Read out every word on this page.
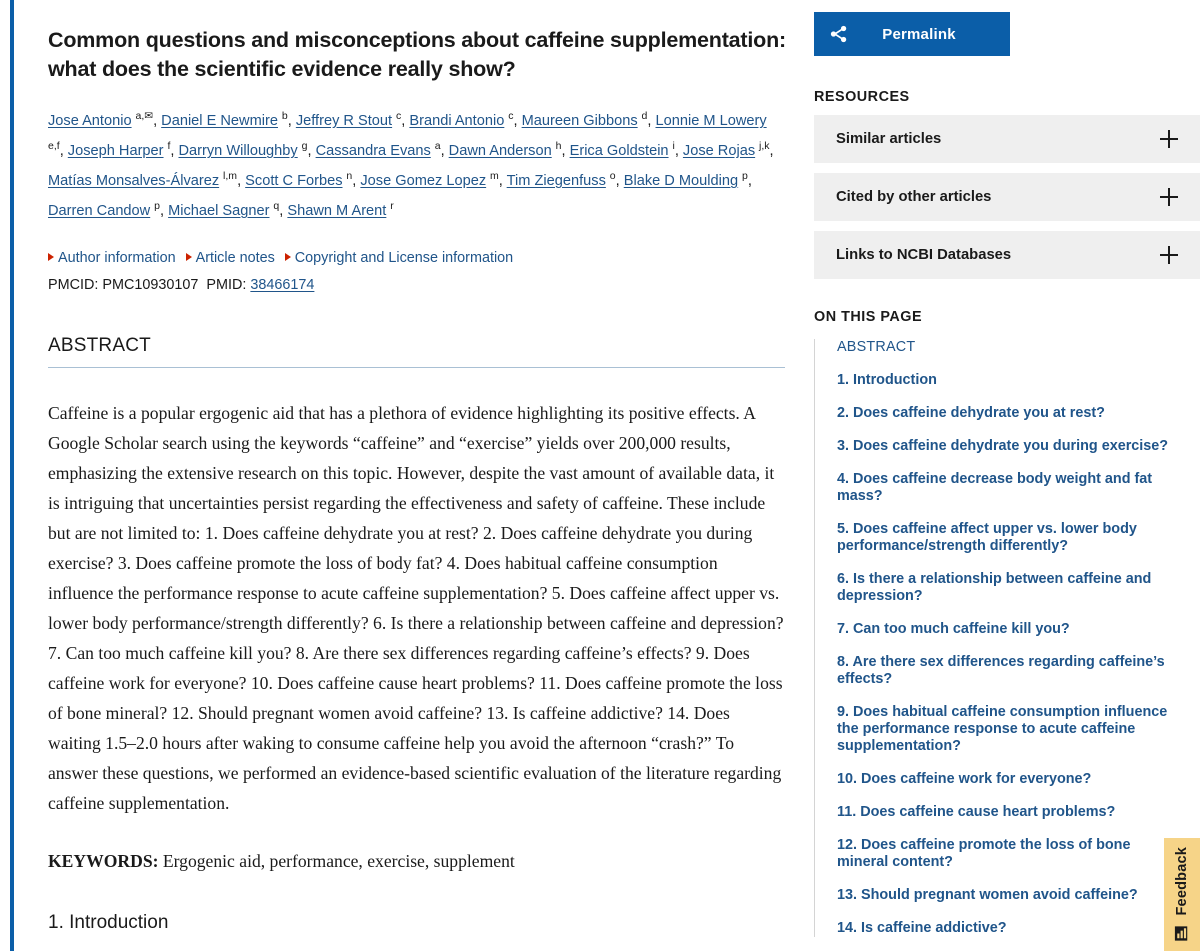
Common questions and misconceptions about caffeine supplementation: what does the scientific evidence really show?
Jose Antonio $^{a,✉}$, Daniel E Newmire $^b$, Jeffrey R Stout $^c$, Brandi Antonio $^c$, Maureen Gibbons $^d$, Lonnie M Lowery $^{e,f}$, Joseph Harper $^f$, Darryn Willoughby $^g$, Cassandra Evans $^a$, Dawn Anderson $^h$, Erica Goldstein $^i$, Jose Rojas $^{j,k}$, Matías Monsalves-Álvarez $^{l,m}$, Scott C Forbes $^n$, Jose Gomez Lopez $^m$, Tim Ziegenfuss $^o$, Blake D Moulding $^p$, Darren Candow $^p$, Michael Sagner $^q$, Shawn M Arent $^r$
Author information Article notes Copyright and License information
PMCID: PMC10930107 PMID: 38466174
ABSTRACT
Caffeine is a popular ergogenic aid that has a plethora of evidence highlighting its positive effects. A Google Scholar search using the keywords “caffeine” and “exercise” yields over 200,000 results, emphasizing the extensive research on this topic. However, despite the vast amount of available data, it is intriguing that uncertainties persist regarding the effectiveness and safety of caffeine. These include but are not limited to: 1. Does caffeine dehydrate you at rest? 2. Does caffeine dehydrate you during exercise? 3. Does caffeine promote the loss of body fat? 4. Does habitual caffeine consumption influence the performance response to acute caffeine supplementation? 5. Does caffeine affect upper vs. lower body performance/strength differently? 6. Is there a relationship between caffeine and depression? 7. Can too much caffeine kill you? 8. Are there sex differences regarding caffeine’s effects? 9. Does caffeine work for everyone? 10. Does caffeine cause heart problems? 11. Does caffeine promote the loss of bone mineral? 12. Should pregnant women avoid caffeine? 13. Is caffeine addictive? 14. Does waiting 1.5–2.0 hours after waking to consume caffeine help you avoid the afternoon “crash?” To answer these questions, we performed an evidence-based scientific evaluation of the literature regarding caffeine supplementation.
KEYWORDS: Ergogenic aid, performance, exercise, supplement
1. Introduction
Permalink
RESOURCES
Similar articles
Cited by other articles
Links to NCBI Databases
ON THIS PAGE
ABSTRACT
1. Introduction
2. Does caffeine dehydrate you at rest?
3. Does caffeine dehydrate you during exercise?
4. Does caffeine decrease body weight and fat mass?
5. Does caffeine affect upper vs. lower body performance/strength differently?
6. Is there a relationship between caffeine and depression?
7. Can too much caffeine kill you?
8. Are there sex differences regarding caffeine’s effects?
9. Does habitual caffeine consumption influence the performance response to acute caffeine supplementation?
10. Does caffeine work for everyone?
11. Does caffeine cause heart problems?
12. Does caffeine promote the loss of bone mineral content?
13. Should pregnant women avoid caffeine?
14. Is caffeine addictive?
Feedback
